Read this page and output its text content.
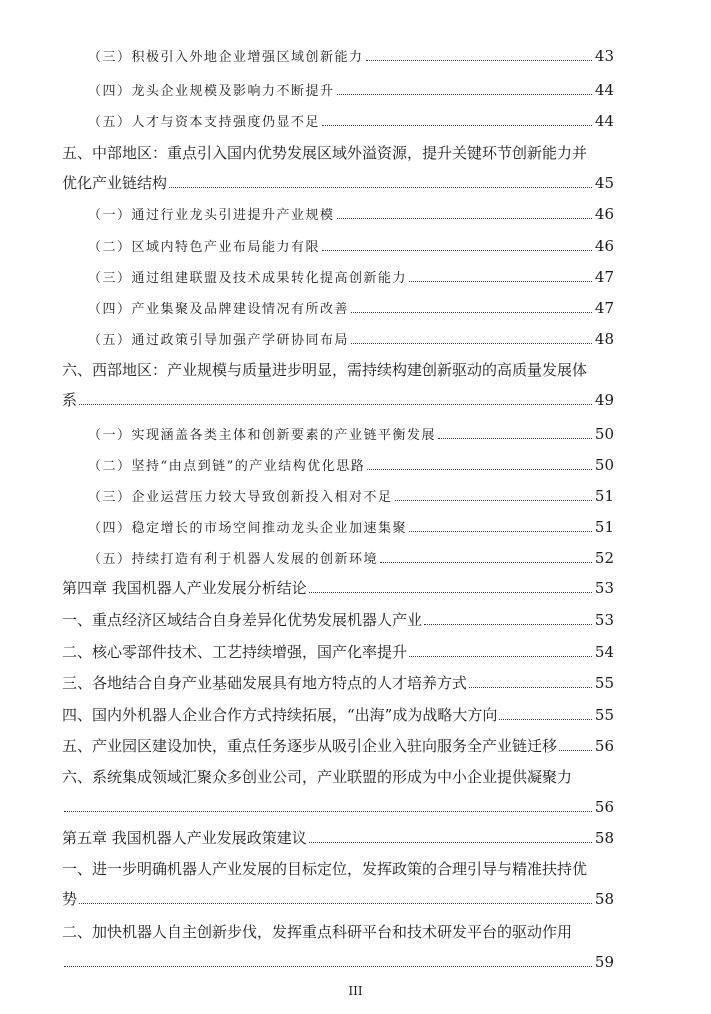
（三）积极引入外地企业增强区域创新能力	43
（四）龙头企业规模及影响力不断提升	44
（五）人才与资本支持强度仍显不足	44
五、中部地区：重点引入国内优势发展区域外溢资源，提升关键环节创新能力并
优化产业链结构	45
（一）通过行业龙头引进提升产业规模	46
（二）区域内特色产业布局能力有限	46
（三）通过组建联盟及技术成果转化提高创新能力	47
（四）产业集聚及品牌建设情况有所改善	47
（五）通过政策引导加强产学研协同布局	48
六、西部地区：产业规模与质量进步明显，需持续构建创新驱动的高质量发展体
系	49
（一）实现涵盖各类主体和创新要素的产业链平衡发展	50
（二）坚持“由点到链”的产业结构优化思路	50
（三）企业运营压力较大导致创新投入相对不足	51
（四）稳定增长的市场空间推动龙头企业加速集聚	51
（五）持续打造有利于机器人发展的创新环境	52
第四章 我国机器人产业发展分析结论	53
一、重点经济区域结合自身差异化优势发展机器人产业	53
二、核心零部件技术、工艺持续增强，国产化率提升	54
三、各地结合自身产业基础发展具有地方特点的人才培养方式	55
四、国内外机器人企业合作方式持续拓展，“出海”成为战略大方向	55
五、产业园区建设加快，重点任务逐步从吸引企业入驻向服务全产业链迁移	56
六、系统集成领域汇聚众多创业公司，产业联盟的形成为中小企业提供凝聚力
56
第五章 我国机器人产业发展政策建议	58
一、进一步明确机器人产业发展的目标定位，发挥政策的合理引导与精准扶持优
势	58
二、加快机器人自主创新步伐，发挥重点科研平台和技术研发平台的驱动作用
59
III
